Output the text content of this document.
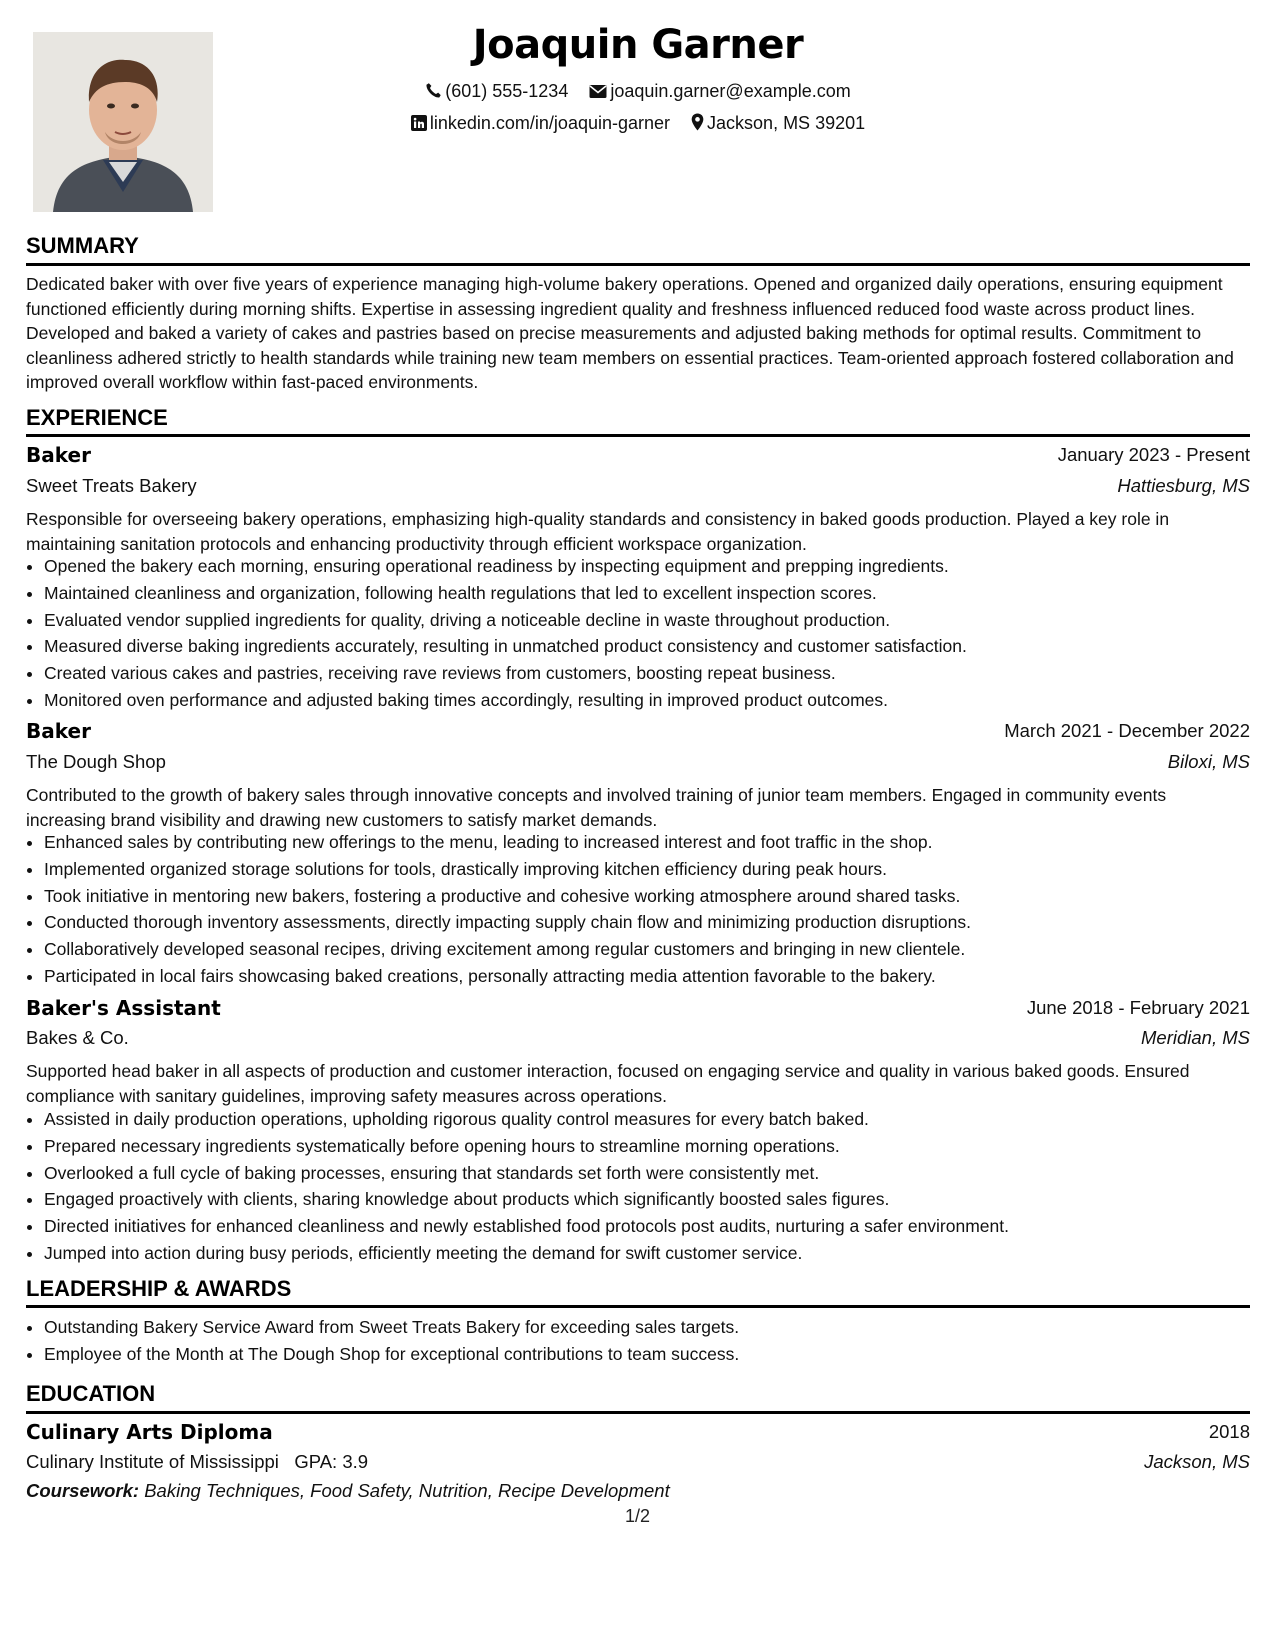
Joaquin Garner
(601) 555-1234 joaquin.garner@example.com
linkedin.com/in/joaquin-garner Jackson, MS 39201
SUMMARY
Dedicated baker with over five years of experience managing high-volume bakery operations. Opened and organized daily operations, ensuring equipment functioned efficiently during morning shifts. Expertise in assessing ingredient quality and freshness influenced reduced food waste across product lines. Developed and baked a variety of cakes and pastries based on precise measurements and adjusted baking methods for optimal results. Commitment to cleanliness adhered strictly to health standards while training new team members on essential practices. Team-oriented approach fostered collaboration and improved overall workflow within fast-paced environments.
EXPERIENCE
Baker	January 2023 - Present
Sweet Treats Bakery	Hattiesburg, MS
Responsible for overseeing bakery operations, emphasizing high-quality standards and consistency in baked goods production. Played a key role in maintaining sanitation protocols and enhancing productivity through efficient workspace organization.
• Opened the bakery each morning, ensuring operational readiness by inspecting equipment and prepping ingredients.
• Maintained cleanliness and organization, following health regulations that led to excellent inspection scores.
• Evaluated vendor supplied ingredients for quality, driving a noticeable decline in waste throughout production.
• Measured diverse baking ingredients accurately, resulting in unmatched product consistency and customer satisfaction.
• Created various cakes and pastries, receiving rave reviews from customers, boosting repeat business.
• Monitored oven performance and adjusted baking times accordingly, resulting in improved product outcomes.
Baker	March 2021 - December 2022
The Dough Shop	Biloxi, MS
Contributed to the growth of bakery sales through innovative concepts and involved training of junior team members. Engaged in community events increasing brand visibility and drawing new customers to satisfy market demands.
• Enhanced sales by contributing new offerings to the menu, leading to increased interest and foot traffic in the shop.
• Implemented organized storage solutions for tools, drastically improving kitchen efficiency during peak hours.
• Took initiative in mentoring new bakers, fostering a productive and cohesive working atmosphere around shared tasks.
• Conducted thorough inventory assessments, directly impacting supply chain flow and minimizing production disruptions.
• Collaboratively developed seasonal recipes, driving excitement among regular customers and bringing in new clientele.
• Participated in local fairs showcasing baked creations, personally attracting media attention favorable to the bakery.
Baker's Assistant	June 2018 - February 2021
Bakes & Co.	Meridian, MS
Supported head baker in all aspects of production and customer interaction, focused on engaging service and quality in various baked goods. Ensured compliance with sanitary guidelines, improving safety measures across operations.
• Assisted in daily production operations, upholding rigorous quality control measures for every batch baked.
• Prepared necessary ingredients systematically before opening hours to streamline morning operations.
• Overlooked a full cycle of baking processes, ensuring that standards set forth were consistently met.
• Engaged proactively with clients, sharing knowledge about products which significantly boosted sales figures.
• Directed initiatives for enhanced cleanliness and newly established food protocols post audits, nurturing a safer environment.
• Jumped into action during busy periods, efficiently meeting the demand for swift customer service.
LEADERSHIP & AWARDS
• Outstanding Bakery Service Award from Sweet Treats Bakery for exceeding sales targets.
• Employee of the Month at The Dough Shop for exceptional contributions to team success.
EDUCATION
Culinary Arts Diploma	2018
Culinary Institute of Mississippi GPA: 3.9	Jackson, MS
Coursework: Baking Techniques, Food Safety, Nutrition, Recipe Development
1/2
